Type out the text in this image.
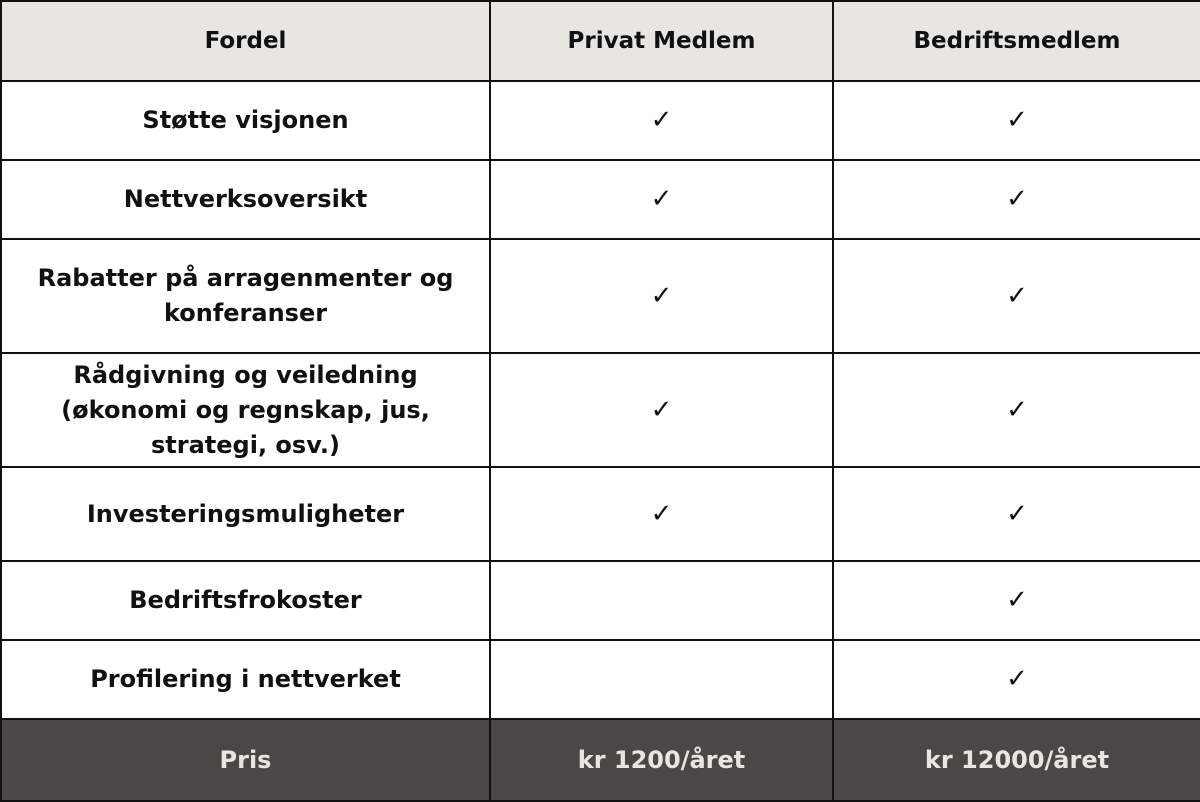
Fordel	Privat Medlem	Bedriftsmedlem
Støtte visjonen	✓	✓
Nettverksoversikt	✓	✓
Rabatter på arragenmenter og konferanser	✓	✓
Rådgivning og veiledning (økonomi og regnskap, jus, strategi, osv.)	✓	✓
Investeringsmuligheter	✓	✓
Bedriftsfrokoster		✓
Profilering i nettverket		✓
Pris	kr 1200/året	kr 12000/året
